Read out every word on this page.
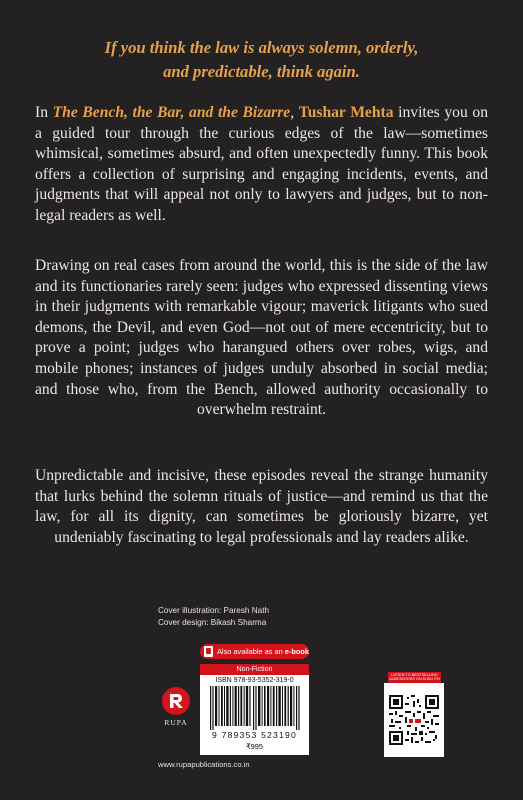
If you think the law is always solemn, orderly,
and predictable, think again.

In The Bench, the Bar, and the Bizarre, Tushar Mehta invites you on a guided tour through the curious edges of the law—sometimes whimsical, sometimes absurd, and often unexpectedly funny. This book offers a collection of surprising and engaging incidents, events, and judgments that will appeal not only to lawyers and judges, but to non-legal readers as well.

Drawing on real cases from around the world, this is the side of the law and its functionaries rarely seen: judges who expressed dissenting views in their judgments with remarkable vigour; maverick litigants who sued demons, the Devil, and even God—not out of mere eccentricity, but to prove a point; judges who harangued others over robes, wigs, and mobile phones; instances of judges unduly absorbed in social media; and those who, from the Bench, allowed authority occasionally to overwhelm restraint.

Unpredictable and incisive, these episodes reveal the strange humanity that lurks behind the solemn rituals of justice—and remind us that the law, for all its dignity, can sometimes be gloriously bizarre, yet undeniably fascinating to legal professionals and lay readers alike.

Cover illustration: Paresh Nath
Cover design: Bikash Sharma
RUPA
Also available as an e-book
Non-Fiction
ISBN 978-93-5352-319-0
9 789353 523190
₹995
LISTEN TO BESTSELLING AUDIOBOOKS ON KUKU FM
www.rupapublications.co.in
